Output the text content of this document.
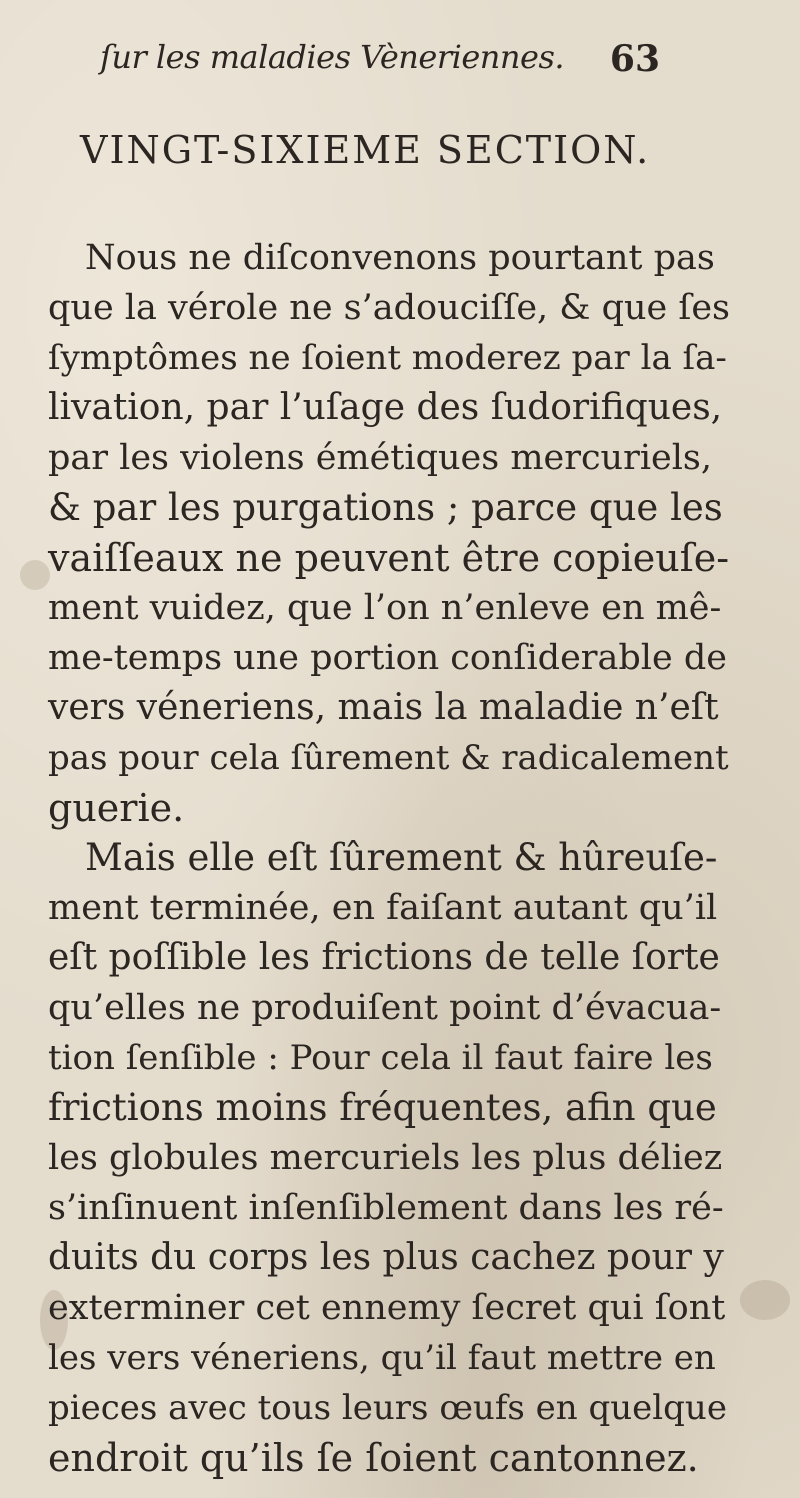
ſur les maladies Vèneriennes. 63
VINGT-SIXIEME SECTION.
Nous ne diſconvenons pourtant pas
que la vérole ne s’adouciſſe, & que ſes
ſymptômes ne ſoient moderez par la ſa-
livation, par l’uſage des ſudorifiques,
par les violens émétiques mercuriels,
& par les purgations ; parce que les
vaiſſeaux ne peuvent être copieuſe-
ment vuidez, que l’on n’enleve en mê-
me-temps une portion conſiderable de
vers véneriens, mais la maladie n’eſt
pas pour cela ſûrement & radicalement
guerie.
Mais elle eſt ſûrement & hûreuſe-
ment terminée, en faiſant autant qu’il
eſt poſſible les frictions de telle ſorte
qu’elles ne produiſent point d’évacua-
tion ſenſible : Pour cela il faut faire les
frictions moins fréquentes, afin que
les globules mercuriels les plus déliez
s’inſinuent inſenſiblement dans les ré-
duits du corps les plus cachez pour y
exterminer cet ennemy ſecret qui ſont
les vers véneriens, qu’il faut mettre en
pieces avec tous leurs œufs en quelque
endroit qu’ils ſe ſoient cantonnez.
